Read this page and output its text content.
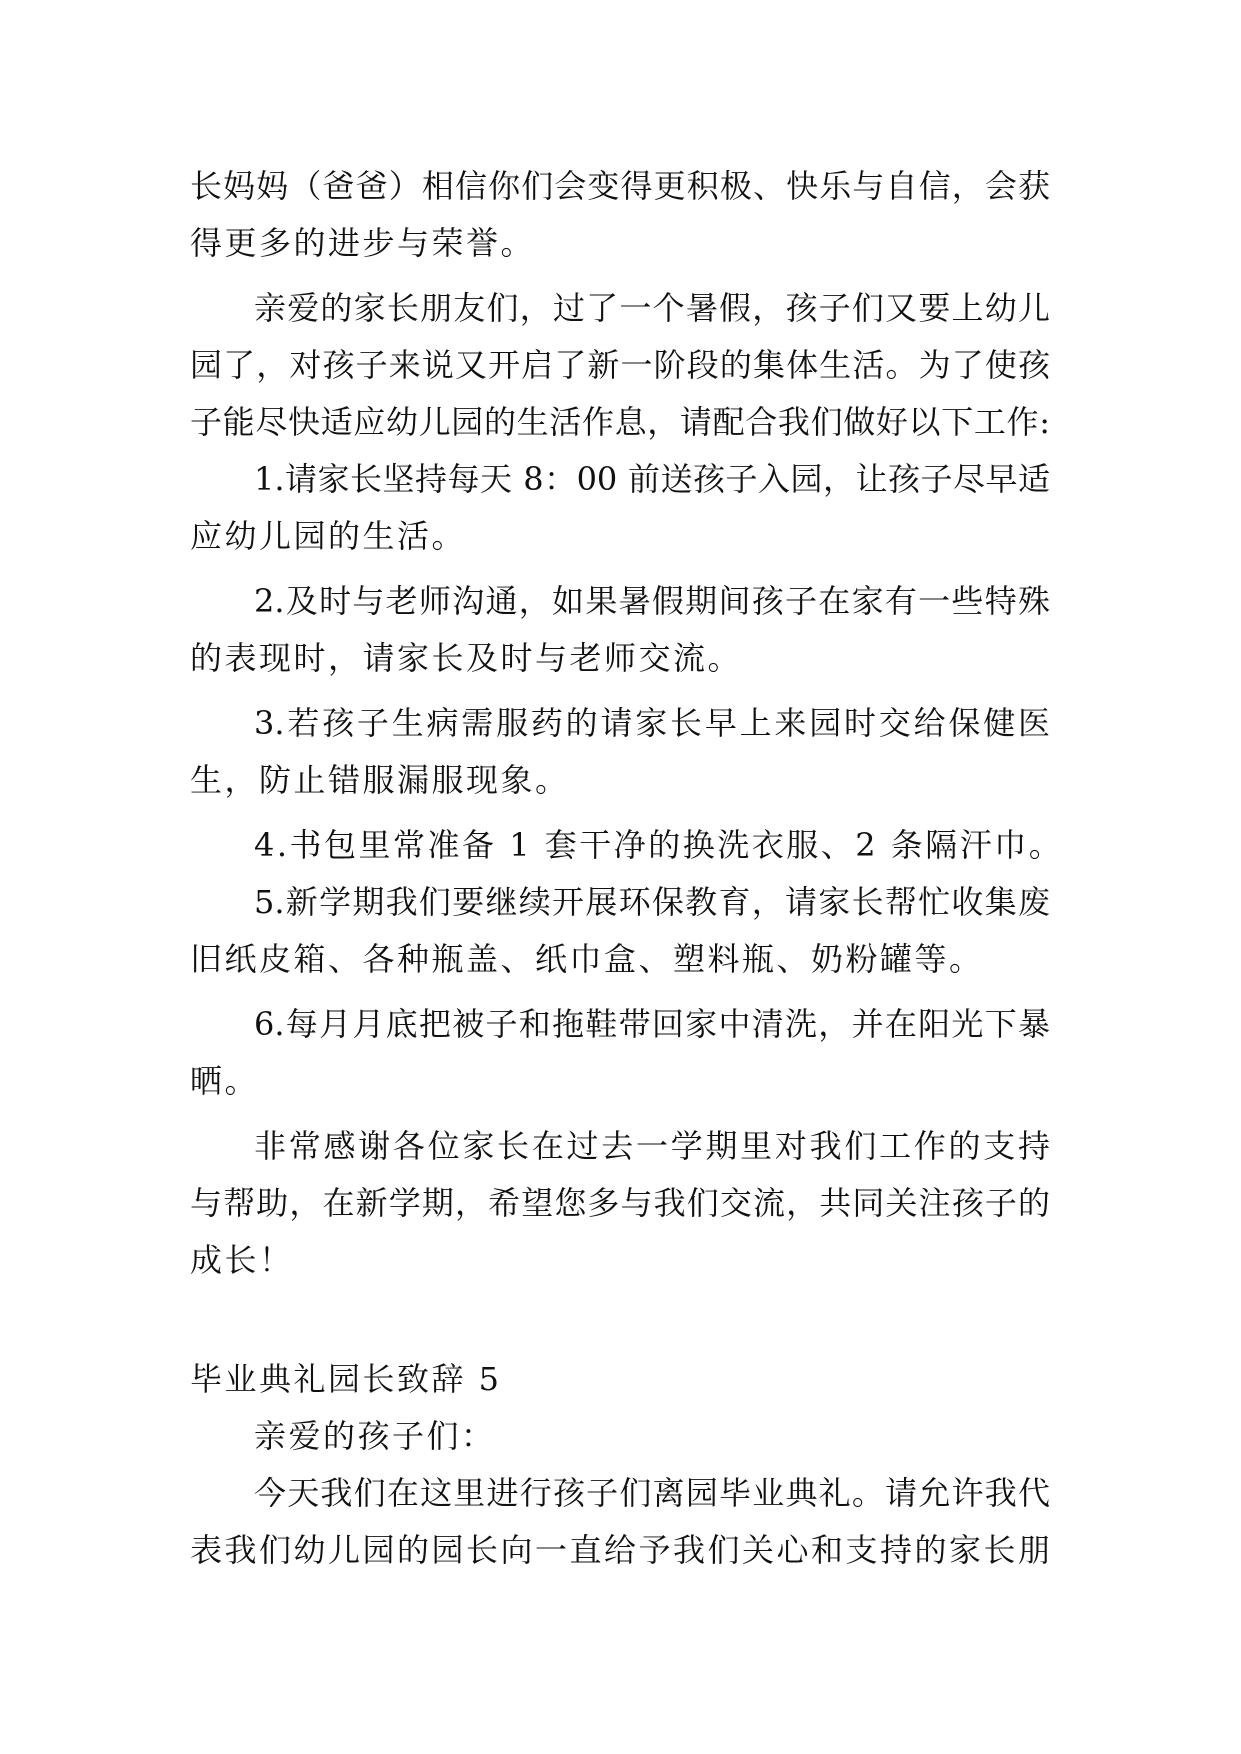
长妈妈（爸爸）相信你们会变得更积极、快乐与自信，会获
得更多的进步与荣誉。

亲爱的家长朋友们，过了一个暑假，孩子们又要上幼儿
园了，对孩子来说又开启了新一阶段的集体生活。为了使孩
子能尽快适应幼儿园的生活作息，请配合我们做好以下工作:

1.请家长坚持每天 8：00 前送孩子入园，让孩子尽早适
应幼儿园的生活。

2.及时与老师沟通，如果暑假期间孩子在家有一些特殊
的表现时，请家长及时与老师交流。

3.若孩子生病需服药的请家长早上来园时交给保健医
生，防止错服漏服现象。

4.书包里常准备 1 套干净的换洗衣服、2 条隔汗巾。

5.新学期我们要继续开展环保教育，请家长帮忙收集废
旧纸皮箱、各种瓶盖、纸巾盒、塑料瓶、奶粉罐等。

6.每月月底把被子和拖鞋带回家中清洗，并在阳光下暴
晒。

非常感谢各位家长在过去一学期里对我们工作的支持
与帮助，在新学期，希望您多与我们交流，共同关注孩子的
成长！

毕业典礼园长致辞 5

亲爱的孩子们：

今天我们在这里进行孩子们离园毕业典礼。请允许我代
表我们幼儿园的园长向一直给予我们关心和支持的家长朋
